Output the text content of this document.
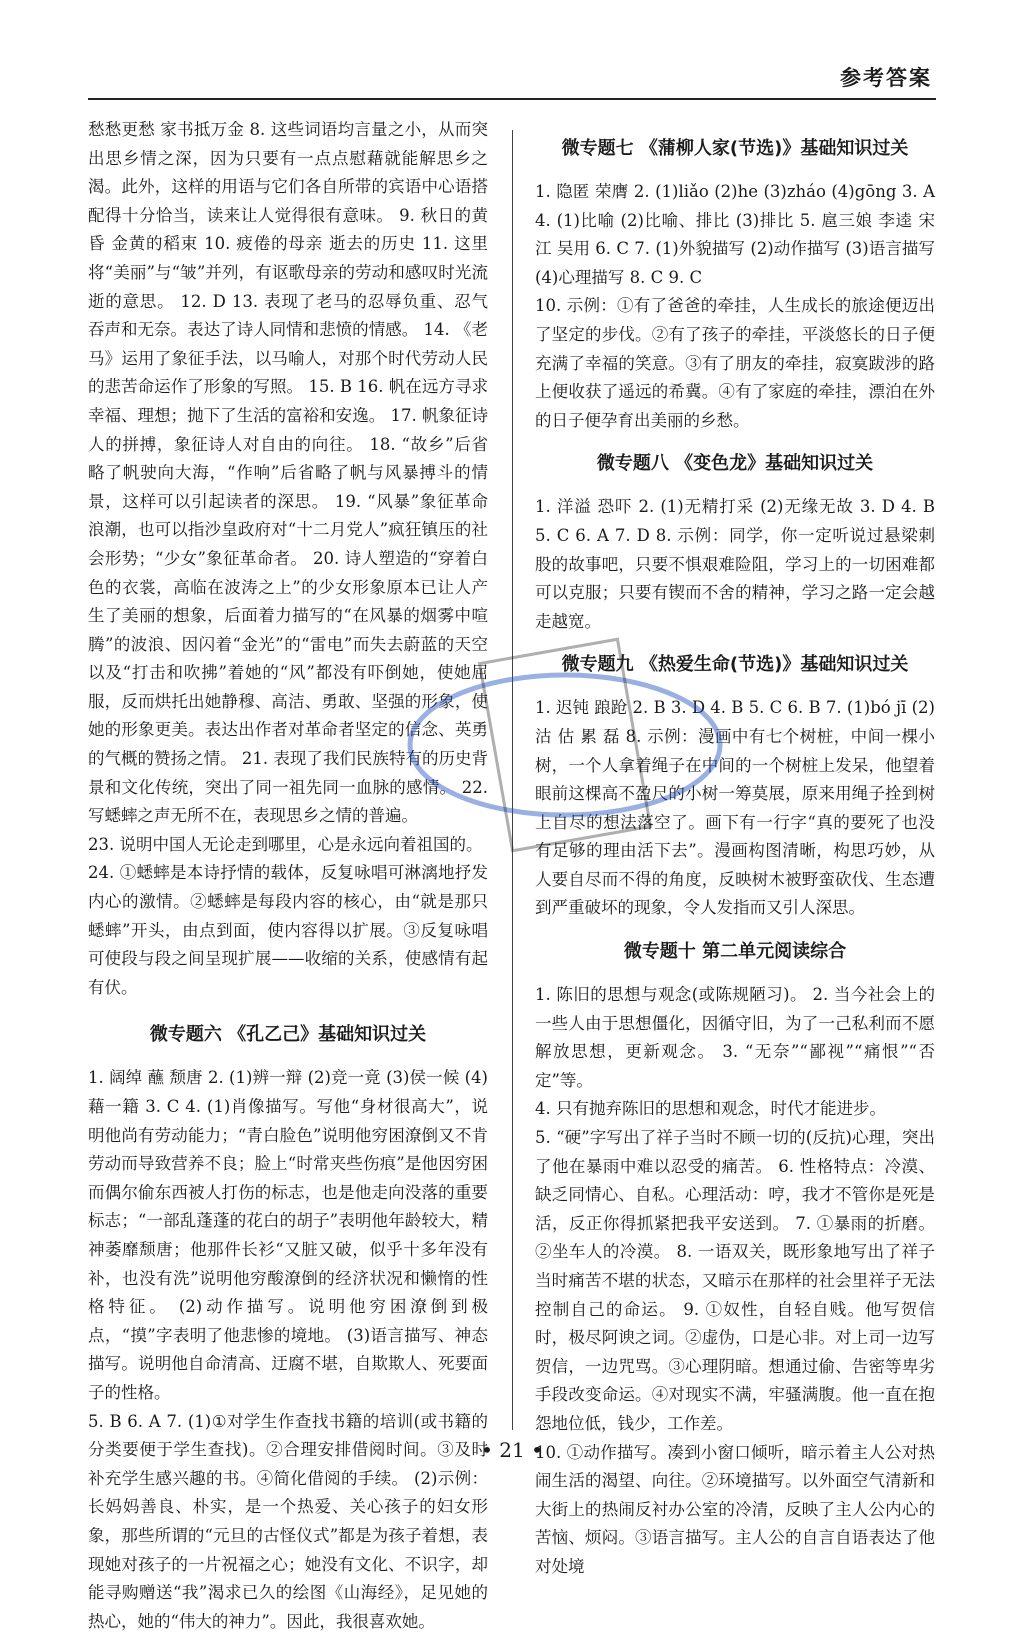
参考答案

愁愁更愁 家书抵万金 8. 这些词语均言量之小，从而突出思乡情之深，因为只要有一点点慰藉就能解思乡之渴。此外，这样的用语与它们各自所带的宾语中心语搭配得十分恰当，读来让人觉得很有意味。 9. 秋日的黄昏 金黄的稻束 10. 疲倦的母亲 逝去的历史 11. 这里将“美丽”与“皱”并列，有讴歌母亲的劳动和感叹时光流逝的意思。 12. D 13. 表现了老马的忍辱负重、忍气吞声和无奈。表达了诗人同情和悲愤的情感。 14. 《老马》运用了象征手法，以马喻人，对那个时代劳动人民的悲苦命运作了形象的写照。 15. B 16. 帆在远方寻求幸福、理想；抛下了生活的富裕和安逸。 17. 帆象征诗人的拼搏，象征诗人对自由的向往。 18. “故乡”后省略了帆驶向大海，“作响”后省略了帆与风暴搏斗的情景，这样可以引起读者的深思。 19. “风暴”象征革命浪潮，也可以指沙皇政府对“十二月党人”疯狂镇压的社会形势；“少女”象征革命者。 20. 诗人塑造的“穿着白色的衣裳，高临在波涛之上”的少女形象原本已让人产生了美丽的想象，后面着力描写的“在风暴的烟雾中喧腾”的波浪、因闪着“金光”的“雷电”而失去蔚蓝的天空以及“打击和吹拂”着她的“风”都没有吓倒她，使她屈服，反而烘托出她静穆、高洁、勇敢、坚强的形象，使她的形象更美。表达出作者对革命者坚定的信念、英勇的气概的赞扬之情。 21. 表现了我们民族特有的历史背景和文化传统，突出了同一祖先同一血脉的感情。 22. 写蟋蟀之声无所不在，表现思乡之情的普遍。

23. 说明中国人无论走到哪里，心是永远向着祖国的。

24. ①蟋蟀是本诗抒情的载体，反复咏唱可淋漓地抒发内心的激情。②蟋蟀是每段内容的核心，由“就是那只蟋蟀”开头，由点到面，使内容得以扩展。③反复咏唱可使段与段之间呈现扩展——收缩的关系，使感情有起有伏。

微专题六 《孔乙己》基础知识过关

1. 阔绰 蘸 颓唐 2. (1)辨一辩 (2)竞一竟 (3)侯一候 (4)藉一籍 3. C 4. (1)肖像描写。写他“身材很高大”，说明他尚有劳动能力；“青白脸色”说明他穷困潦倒又不肯劳动而导致营养不良；脸上“时常夹些伤痕”是他因穷困而偶尔偷东西被人打伤的标志，也是他走向没落的重要标志；“一部乱蓬蓬的花白的胡子”表明他年龄较大，精神萎靡颓唐；他那件长衫“又脏又破，似乎十多年没有补，也没有洗”说明他穷酸潦倒的经济状况和懒惰的性格特征。 (2)动作描写。说明他穷困潦倒到极点，“摸”字表明了他悲惨的境地。 (3)语言描写、神态描写。说明他自命清高、迂腐不堪，自欺欺人、死要面子的性格。

5. B 6. A 7. (1)①对学生作查找书籍的培训(或书籍的分类要便于学生查找)。②合理安排借阅时间。③及时补充学生感兴趣的书。④简化借阅的手续。 (2)示例：长妈妈善良、朴实，是一个热爱、关心孩子的妇女形象，那些所谓的“元旦的古怪仪式”都是为孩子着想，表现她对孩子的一片祝福之心；她没有文化、不识字，却能寻购赠送“我”渴求已久的绘图《山海经》，足见她的热心，她的“伟大的神力”。因此，我很喜欢她。

微专题七 《蒲柳人家(节选)》基础知识过关

1. 隐匿 荣膺 2. (1)liǎo (2)he (3)zháo (4)gōng 3. A 4. (1)比喻 (2)比喻、排比 (3)排比 5. 扈三娘 李逵 宋江 吴用 6. C 7. (1)外貌描写 (2)动作描写 (3)语言描写 (4)心理描写 8. C 9. C

10. 示例：①有了爸爸的牵挂，人生成长的旅途便迈出了坚定的步伐。②有了孩子的牵挂，平淡悠长的日子便充满了幸福的笑意。③有了朋友的牵挂，寂寞跋涉的路上便收获了遥远的希冀。④有了家庭的牵挂，漂泊在外的日子便孕育出美丽的乡愁。

微专题八 《变色龙》基础知识过关

1. 洋溢 恐吓 2. (1)无精打采 (2)无缘无故 3. D 4. B 5. C 6. A 7. D 8. 示例：同学，你一定听说过悬梁刺股的故事吧，只要不惧艰难险阻，学习上的一切困难都可以克服；只要有锲而不舍的精神，学习之路一定会越走越宽。

微专题九 《热爱生命(节选)》基础知识过关

1. 迟钝 踉跄 2. B 3. D 4. B 5. C 6. B 7. (1)bó jī (2)沽 估 累 磊 8. 示例：漫画中有七个树桩，中间一棵小树，一个人拿着绳子在中间的一个树桩上发呆，他望着眼前这棵高不盈尺的小树一筹莫展，原来用绳子拴到树上自尽的想法落空了。画下有一行字“真的要死了也没有足够的理由活下去”。漫画构图清晰，构思巧妙，从人要自尽而不得的角度，反映树木被野蛮砍伐、生态遭到严重破坏的现象，令人发指而又引人深思。

微专题十 第二单元阅读综合

1. 陈旧的思想与观念(或陈规陋习)。 2. 当今社会上的一些人由于思想僵化，因循守旧，为了一己私利而不愿解放思想，更新观念。 3. “无奈”“鄙视”“痛恨”“否定”等。

4. 只有抛弃陈旧的思想和观念，时代才能进步。

5. “硬”字写出了祥子当时不顾一切的(反抗)心理，突出了他在暴雨中难以忍受的痛苦。 6. 性格特点：冷漠、缺乏同情心、自私。心理活动：哼，我才不管你是死是活，反正你得抓紧把我平安送到。 7. ①暴雨的折磨。②坐车人的冷漠。 8. 一语双关，既形象地写出了祥子当时痛苦不堪的状态，又暗示在那样的社会里祥子无法控制自己的命运。 9. ①奴性，自轻自贱。他写贺信时，极尽阿谀之词。②虚伪，口是心非。对上司一边写贺信，一边咒骂。③心理阴暗。想通过偷、告密等卑劣手段改变命运。④对现实不满，牢骚满腹。他一直在抱怨地位低，钱少，工作差。

10. ①动作描写。凑到小窗口倾听，暗示着主人公对热闹生活的渴望、向往。②环境描写。以外面空气清新和大街上的热闹反衬办公室的冷清，反映了主人公内心的苦恼、烦闷。③语言描写。主人公的自言自语表达了他对处境

• 21 •
